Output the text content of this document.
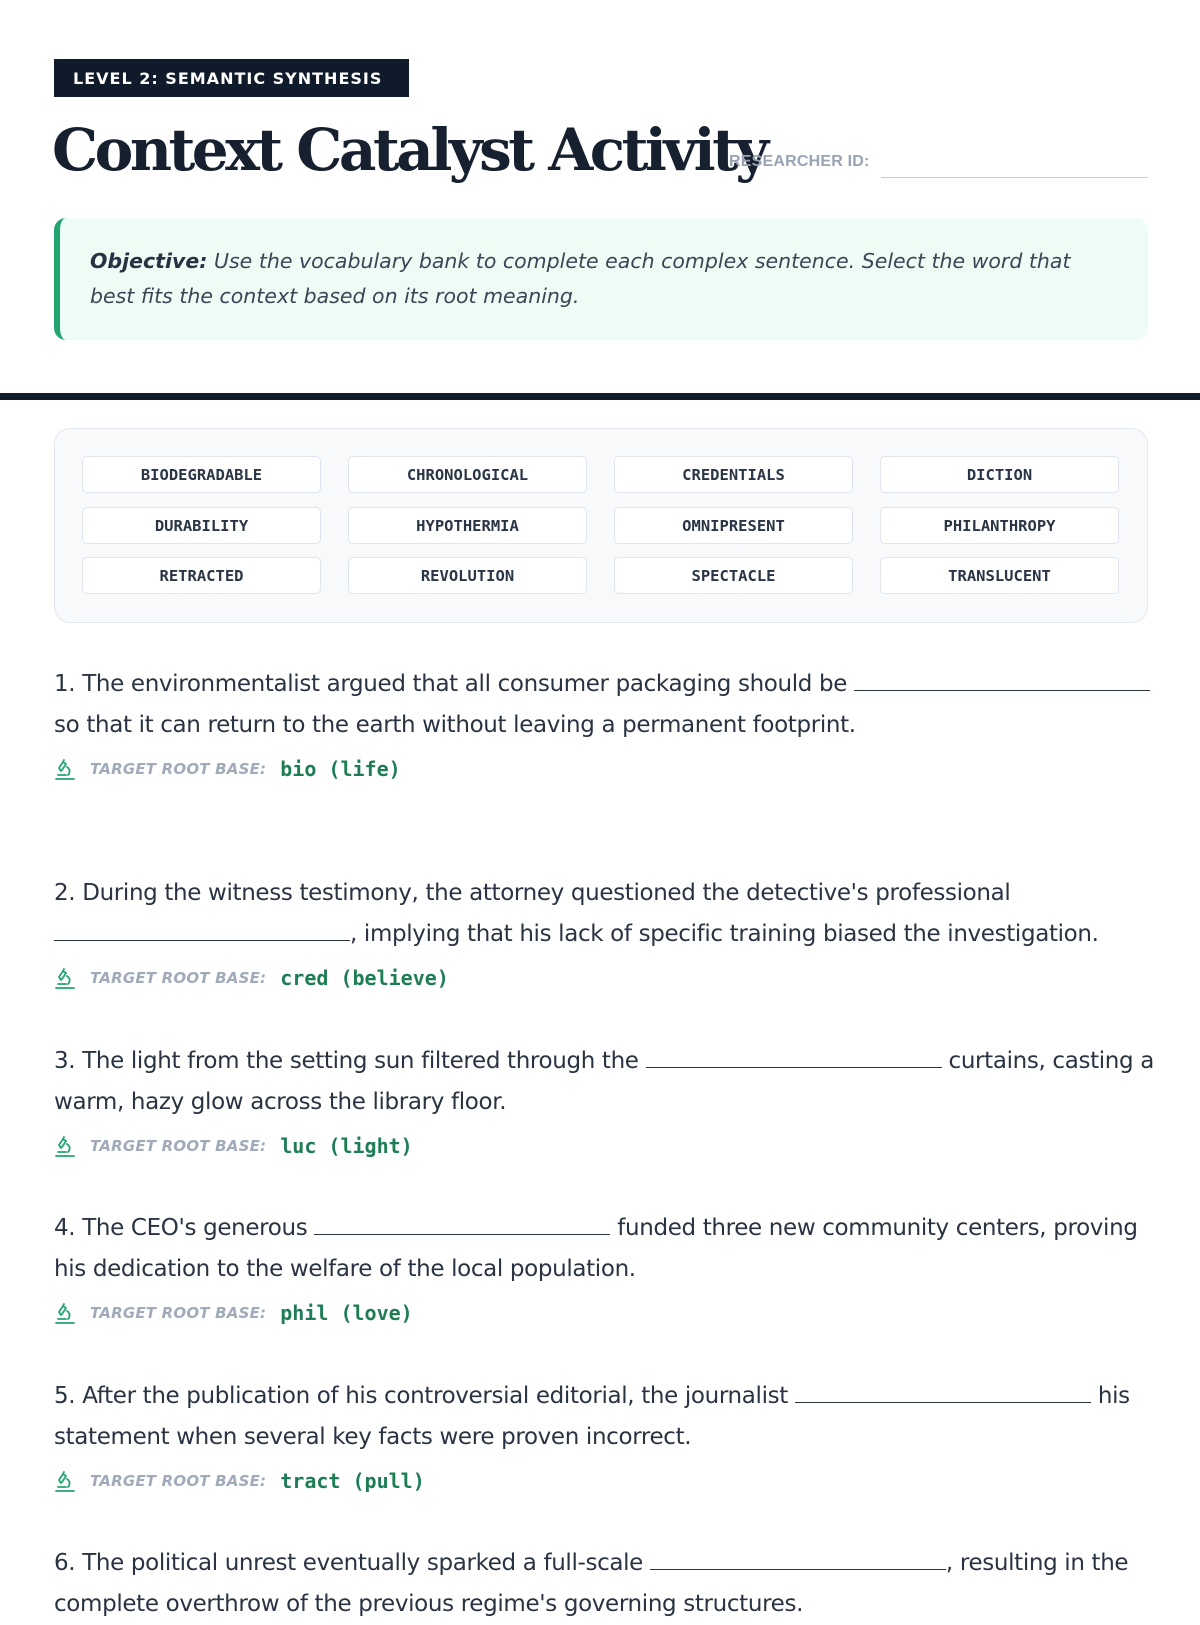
LEVEL 2: SEMANTIC SYNTHESIS
Context Catalyst Activity
RESEARCHER ID:
Objective: Use the vocabulary bank to complete each complex sentence. Select the word that best fits the context based on its root meaning.
BIODEGRADABLE	CHRONOLOGICAL	CREDENTIALS	DICTION
DURABILITY	HYPOTHERMIA	OMNIPRESENT	PHILANTHROPY
RETRACTED	REVOLUTION	SPECTACLE	TRANSLUCENT

1. The environmentalist argued that all consumer packaging should be  so that it can return to the earth without leaving a permanent footprint.

TARGET ROOT BASE: bio (life)

2. During the witness testimony, the attorney questioned the detective's professional , implying that his lack of specific training biased the investigation.

TARGET ROOT BASE: cred (believe)

3. The light from the setting sun filtered through the	curtains, casting a warm, hazy glow across the library floor.

TARGET ROOT BASE: luc (light)

4. The CEO's generous	funded three new community centers, proving his dedication to the welfare of the local population.

TARGET ROOT BASE: phil (love)

5. After the publication of his controversial editorial, the journalist	his statement when several key facts were proven incorrect.

TARGET ROOT BASE: tract (pull)

6. The political unrest eventually sparked a full-scale	, resulting in the complete overthrow of the previous regime's governing structures.
